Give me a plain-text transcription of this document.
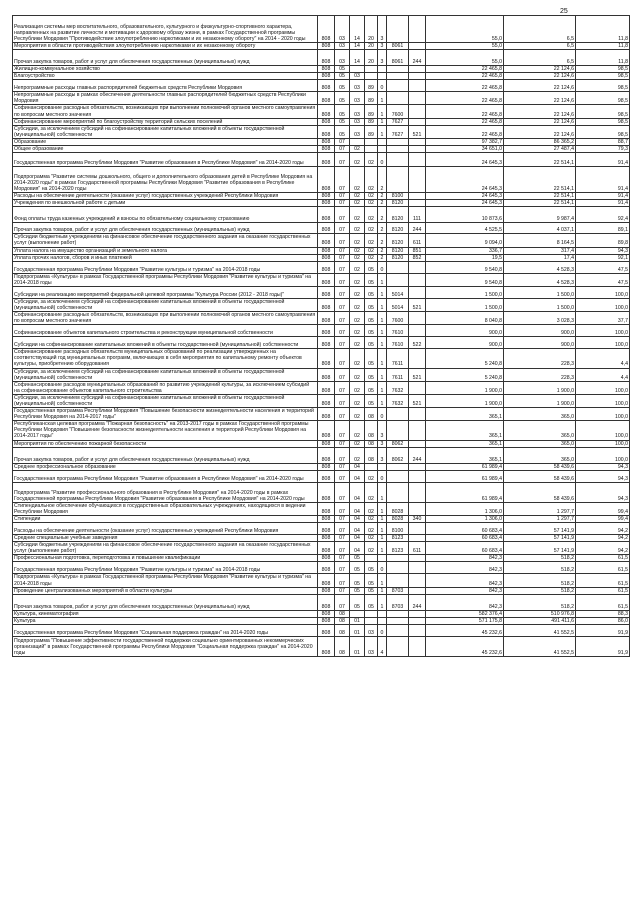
25
Реализация системы мер воспитательного, образовательного, культурного и физкультурно-спортивного характера, направленных на развитие личности и мотивации к здоровому образу жизни, в рамках Государственной программы Республики Мордовия "Противодействие злоупотреблению наркотиками и их незаконному обороту" на 2014 - 2020 годы	808	03	14	20	3			55,0	6,5	11,8
Мероприятия в области противодействия злоупотреблению наркотиками и их незаконному обороту	808	03	14	20	3	8061		55,0	6,5	11,8
Прочая закупка товаров, работ и услуг для обеспечения государственных (муниципальных) нужд	808	03	14	20	3	8061	244	55,0	6,5	11,8
Жилищно-коммунальное хозяйство	808	05						22 465,8	22 124,6	98,5
Благоустройство	808	05	03					22 465,8	22 124,6	98,5
Непрограммные расходы главных распорядителей бюджетных средств Республики Мордовия	808	05	03	89	0			22 465,8	22 124,6	98,5
Непрограммные расходы в рамках обеспечения деятельности главных распорядителей бюджетных средств Республики Мордовия	808	05	03	89	1			22 465,8	22 124,6	98,5
Софинансирование расходных обязательств, возникающих при выполнении полномочий органов местного самоуправления по вопросам местного значения	808	05	03	89	1	7600		22 465,8	22 124,6	98,5
Софинансирование мероприятий по благоустройству территорий сельских поселений	808	05	03	89	1	7627		22 465,8	22 124,6	98,5
Субсидии, за исключением субсидий на софинансирование капитальных вложений в объекты государственной (муниципальной) собственности	808	05	03	89	1	7627	521	22 465,8	22 124,6	98,5
Образование	808	07						97 382,7	86 365,2	88,7
Общее образование	808	07	02					34 651,0	27 487,4	79,3
Государственная программа Республики Мордовия "Развитие образования в Республике Мордовия" на 2014-2020 годы	808	07	02	02	0			24 645,3	22 514,1	91,4
Подпрограмма "Развитие системы дошкольного, общего и дополнительного образования детей в Республике Мордовия на 2014-2020 годы" в рамках Государственной программы Республики Мордовия "Развитие образования в Республике Мордовия" на 2014-2020 годы	808	07	02	02	2			24 645,3	22 514,1	91,4
Расходы на обеспечение деятельности (оказание услуг) государственных учреждений Республики Мордовия	808	07	02	02	2	8100		24 645,3	22 514,1	91,4
Учреждения по внешкольной работе с детьми	808	07	02	02	2	8120		24 645,3	22 514,1	91,4
Фонд оплаты труда казенных учреждений и взносы по обязательному социальному страхованию	808	07	02	02	2	8120	111	10 873,6	9 987,4	92,4
Прочая закупка товаров, работ и услуг для обеспечения государственных (муниципальных) нужд	808	07	02	02	2	8120	244	4 525,5	4 037,1	89,1
Субсидии бюджетным учреждениям на финансовое обеспечение государственного задания на оказание государственных услуг (выполнение работ)	808	07	02	02	2	8120	611	9 094,0	8 164,5	89,8
Уплата налога на имущество организаций и земельного налога	808	07	02	02	2	8120	851	336,7	317,4	94,3
Уплата прочих налогов, сборов и иных платежей	808	07	02	02	2	8120	852	19,5	17,4	92,1
Государственная программа Республики Мордовия "Развитие культуры и туризма" на 2014-2018 годы	808	07	02	05	0			9 540,8	4 528,3	47,5
Подпрограмма «Культура» в рамках Государственной программы Республики Мордовия "Развитие культуры и туризма" на 2014-2018 годы	808	07	02	05	1			9 540,8	4 528,3	47,5
Субсидии на реализацию мероприятий федеральной целевой программы "Культура России (2012 - 2018 годы)"	808	07	02	05	1	5014		1 500,0	1 500,0	100,0
Субсидии, за исключением субсидий на софинансирование капитальных вложений в объекты государственной (муниципальной) собственности	808	07	02	05	1	5014	521	1 500,0	1 500,0	100,0
Софинансирование расходных обязательств, возникающих при выполнении полномочий органов местного самоуправления по вопросам местного значения	808	07	02	05	1	7600		8 040,8	3 028,3	37,7
Софинансирование объектов капитального строительства и реконструкции муниципальной собственности	808	07	02	05	1	7610		900,0	900,0	100,0
Субсидии на софинансирование капитальных вложений в объекты государственной (муниципальной) собственности	808	07	02	05	1	7610	522	900,0	900,0	100,0
Софинансирование расходных обязательств муниципальных образований по реализации утвержденных на соответствующий год муниципальных программ, включающих в себя мероприятия по капитальному ремонту объектов культуры, приобретению оборудования	808	07	02	05	1	7611		5 240,8	228,3	4,4
Субсидии, за исключением субсидий на софинансирование капитальных вложений в объекты государственной (муниципальной) собственности	808	07	02	05	1	7611	521	5 240,8	228,3	4,4
Софинансирование расходов муниципальных образований по развитию учреждений культуры, за исключением субсидий на софинансирование объектов капитального строительства	808	07	02	05	1	7632		1 900,0	1 900,0	100,0
Субсидии, за исключением субсидий на софинансирование капитальных вложений в объекты государственной (муниципальной) собственности	808	07	02	05	1	7632	521	1 900,0	1 900,0	100,0
Государственная программа Республики Мордовия "Повышение безопасности жизнедеятельности населения и территорий Республики Мордовия на 2014-2017 годы"	808	07	02	08	0			365,1	365,0	100,0
Республиканская целевая программа "Пожарная безопасность" на 2013-2017 годы в рамках Государственной программы Республики Мордовия "Повышение безопасности жизнедеятельности населения и территорий Республики Мордовия на 2014-2017 годы"	808	07	02	08	3			365,1	365,0	100,0
Мероприятия по обеспечению пожарной безопасности	808	07	02	08	3	8062		365,1	365,0	100,0
Прочая закупка товаров, работ и услуг для обеспечения государственных (муниципальных) нужд	808	07	02	08	3	8062	244	365,1	365,0	100,0
Среднее профессиональное образование	808	07	04					61 989,4	58 439,6	94,3
Государственная программа Республики Мордовия "Развитие образования в Республике Мордовия" на 2014-2020 годы	808	07	04	02	0			61 989,4	58 439,6	94,3
Подпрограмма "Развитие профессионального образования в Республике Мордовия" на 2014-2020 годы в рамках Государственной программы Республики Мордовия "Развитие образования в Республике Мордовия" на 2014-2020 годы	808	07	04	02	1			61 989,4	58 439,6	94,3
Стипендиальное обеспечение обучающихся в государственных образовательных учреждениях, находящихся в ведении Республики Мордовия	808	07	04	02	1	8028		1 306,0	1 297,7	99,4
Стипендии	808	07	04	02	1	8028	340	1 306,0	1 297,7	99,4
Расходы на обеспечение деятельности (оказание услуг) государственных учреждений Республики Мордовия	808	07	04	02	1	8100		60 683,4	57 141,9	94,2
Средние специальные учебные заведения	808	07	04	02	1	8123		60 683,4	57 141,9	94,2
Субсидии бюджетным учреждениям на финансовое обеспечение государственного задания на оказание государственных услуг (выполнение работ)	808	07	04	02	1	8123	611	60 683,4	57 141,9	94,2
Профессиональная подготовка, переподготовка и повышение квалификации	808	07	05					842,3	518,2	61,5
Государственная программа Республики Мордовия "Развитие культуры и туризма" на 2014-2018 годы	808	07	05	05	0			842,3	518,2	61,5
Подпрограмма «Культура» в рамках Государственной программы Республики Мордовия "Развитие культуры и туризма" на 2014-2018 годы	808	07	05	05	1			842,3	518,2	61,5
Проведение централизованных мероприятий в области культуры	808	07	05	05	1	8703		842,3	518,2	61,5
Прочая закупка товаров, работ и услуг для обеспечения государственных (муниципальных) нужд	808	07	05	05	1	8703	244	842,3	518,2	61,5
Культура, кинематография	808	08						582 376,4	510 976,8	88,3
Культура	808	08	01					571 175,8	491 411,6	86,0
Государственная программа Республики Мордовия "Социальная поддержка граждан" на 2014-2020 годы	808	08	01	03	0			45 232,6	41 552,5	91,9
Подпрограмма "Повышение эффективности государственной поддержки социально ориентированных некоммерческих организаций" в рамках Государственной программы Республики Мордовия "Социальная поддержка граждан" на 2014-2020 годы	808	08	01	03	4			45 232,6	41 552,5	91,9
